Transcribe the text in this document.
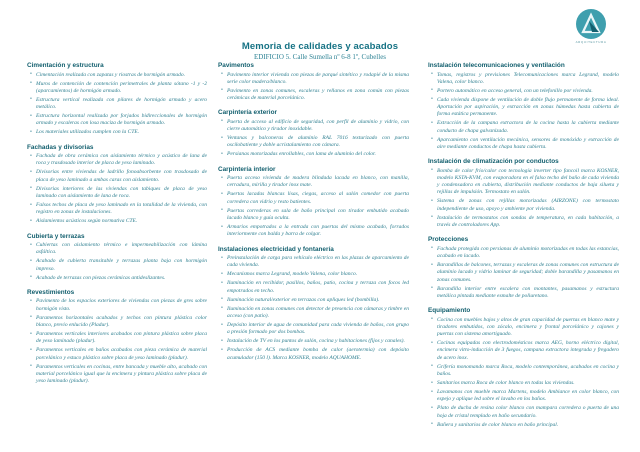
Memoria de calidades y acabados
EDIFICIO 5. Calle Sumella nº 6-8 1º, Cubelles
ARQUITECTURA
Cimentación y estructura
• Cimentación realizada con zapatas y riostras de hormigón armado.
• Muros de contención de contención perimetrales de planta sótano -1 y -2 (aparcamientos) de hormigón armado.
• Estructura vertical realizada con pilares de hormigón armado y acero metálico.
• Estructura horizontal realizada por forjados bidireccionales de hormigón armado y escaleras con losa maciza de hormigón armado.
• Los materiales utilizados cumplen con la CTE.
Fachadas y divisorias
• Fachada de obra cerámica con aislamiento térmico y acústico de lana de roca y trasdosado interior de placa de yeso laminado.
• Divisorias entre viviendas de ladrillo fonoabsorbente con trasdosado de placa de yeso laminado a ambas caras con aislamiento.
• Divisorias interiores de las viviendas con tabiques de placa de yeso laminado con aislamiento de lana de roca.
• Falsos techos de placa de yeso laminado en la totalidad de la vivienda, con registro en zonas de instalaciones.
• Aislamientos acústicos según normativa CTE.
Cubierta y terrazas
• Cubiertas con aislamiento térmico e impermeabilización con lámina asfáltica.
• Acabado de cubierta transitable y terrazas planta baja con hormigón impreso.
• Acabado de terrazas con piezas cerámicas antideslizantes.
Revestimientos
• Pavimento de los espacios exteriores de viviendas con piezas de gres sobre hormigón visto.
• Paramentos horizontales acabados y techos con pintura plástica color blanco, previo enlucido (Pladur).
• Paramentos verticales interiores acabados con pintura plástica sobre placa de yeso laminado (pladur).
• Paramentos verticales en baños acabados con pieza cerámica de material porcelánico y estuco plástico sobre placa de yeso laminado (pladur).
• Paramentos verticales en cocinas, entre bancada y mueble alto, acabado con material porcelánico igual que la encimera y pintura plástica sobre placa de yeso laminado (pladur).
Pavimentos
• Pavimento interior vivienda con piezas de parqué sintético y rodapié de la misma serie color madera/blanco.
• Pavimento en zonas comunes, escaleras y rellanos en zona común con piezas cerámicas de material porcelánico.
Carpintería exterior
• Puerta de acceso al edificio de seguridad, con perfil de aluminio y vidrio, con cierre automático y tirador inoxidable.
• Ventanas y balconeras de aluminio RAL 7016 texturizado con puerta oscilobatiente y doble acristalamiento con cámara.
• Persianas motorizadas enrollables, con lama de aluminio del color.
Carpintería interior
• Puerta acceso vivienda de madera blindada lacada en blanco, con manilla, cerradura, mirilla y tirador inox mate.
• Puertas lacadas blancas lisas, ciegas, acceso al salón comedor con puerta corredera con vidrio y resto batientes.
• Puertas correderas en sala de baño principal con tirador embutido acabado lacado blanco y guía oculta.
• Armarios empotrados a la entrada con puertas del mismo acabado, forrados interiormente con balda y barra de colgar.
Instalaciones electricidad y fontanería
• Preinstalación de carga para vehículo eléctrico en las plazas de aparcamiento de cada vivienda.
• Mecanismos marca Legrand, modelo Valena, color blanco.
• Iluminación en recibidor, pasillos, baños, patio, cocina y terraza con focos led empotrados en techo.
• Iluminación natural/exterior en terrazas con apliques led (bombilla).
• Iluminación en zonas comunes con detector de presencia con cámaras y timbre en acceso (con patio).
• Depósito interior de agua de comunidad para cada vivienda de baños, con grupo a presión formado por dos bombas.
• Instalación de TV en los puntos de salón, cocina y habitaciones (fijos y canales).
• Producción de ACS mediante bomba de calor (aerotermia) con depósito acumulador (150 l). Marca KOSNER, modelo AQUAHOME.
Instalación telecomunicaciones y ventilación
• Tomas, registros y previsiones Telecomunicaciones marca Legrand, modelo Valena, color blanco.
• Portero automático en acceso general, con un telefonillo por vivienda.
• Cada vivienda dispone de ventilación de doble flujo permanente de forma ideal. Aportación por aspiración, y extracción en zonas húmedas hasta cubierta de forma estática permanente.
• Extracción de la campana extractora de la cocina hasta la cubierta mediante conducto de chapa galvanizada.
• Aparcamiento con ventilación mecánica, sensores de monóxido y extracción de aire mediante conductos de chapa hasta cubierta.
Instalación de climatización por conductos
• Bomba de calor frío/calor con tecnología inverter tipo fancoil marca KOSNER, modelo KSTA-KVM, con evaporadora en el falso techo del baño de cada vivienda y condensadora en cubierta, distribución mediante conductos de baja silueta y rejillas de impulsión. Termostato en salón.
• Sistema de zonas con rejillas motorizadas (AIRZONE) con termostato independiente de uso, apoyo y ambiente por vivienda.
• Instalación de termostatos con sondas de temperatura, en cada habitación, a través de controladores App.
Protecciones
• Fachada protegida con persianas de aluminio motorizadas en todas las estancias, acabado en lacado.
• Barandillas de balcones, terrazas y escaleras de zonas comunes con estructura de aluminio lacado y vidrio laminar de seguridad; doble barandilla y pasamanos en zonas comunes.
• Barandilla interior entre escalera con montantes, pasamanos y estructura metálica pintada mediante esmalte de poliuretano.
Equipamiento
• Cocina con muebles bajos y altos de gran capacidad de puertas en blanco mate y tiradores embutidos, con zócalo, encimera y frontal porcelánico y cajones y puertas con sistema amortiguado.
• Cocinas equipadas con electrodomésticos marca AEG, horno eléctrico digital, encimera vitro-inducción de 3 fuegos, campana extractora integrada y fregadero de acero inox.
• Grifería monomando marca Roca, modelo contemporánea, acabados en cocina y baños.
• Sanitarios marca Roca de color blanco en todas las viviendas.
• Lavamanos con mueble marca Martens, modelo Ambiance en color blanco, con espejo y aplique led sobre el lavabo en los baños.
• Plato de ducha de resina color blanco con mampara corredera o puerta de una hoja de cristal templado en baño secundario.
• Bañera y sanitarios de color blanco en baño principal.
